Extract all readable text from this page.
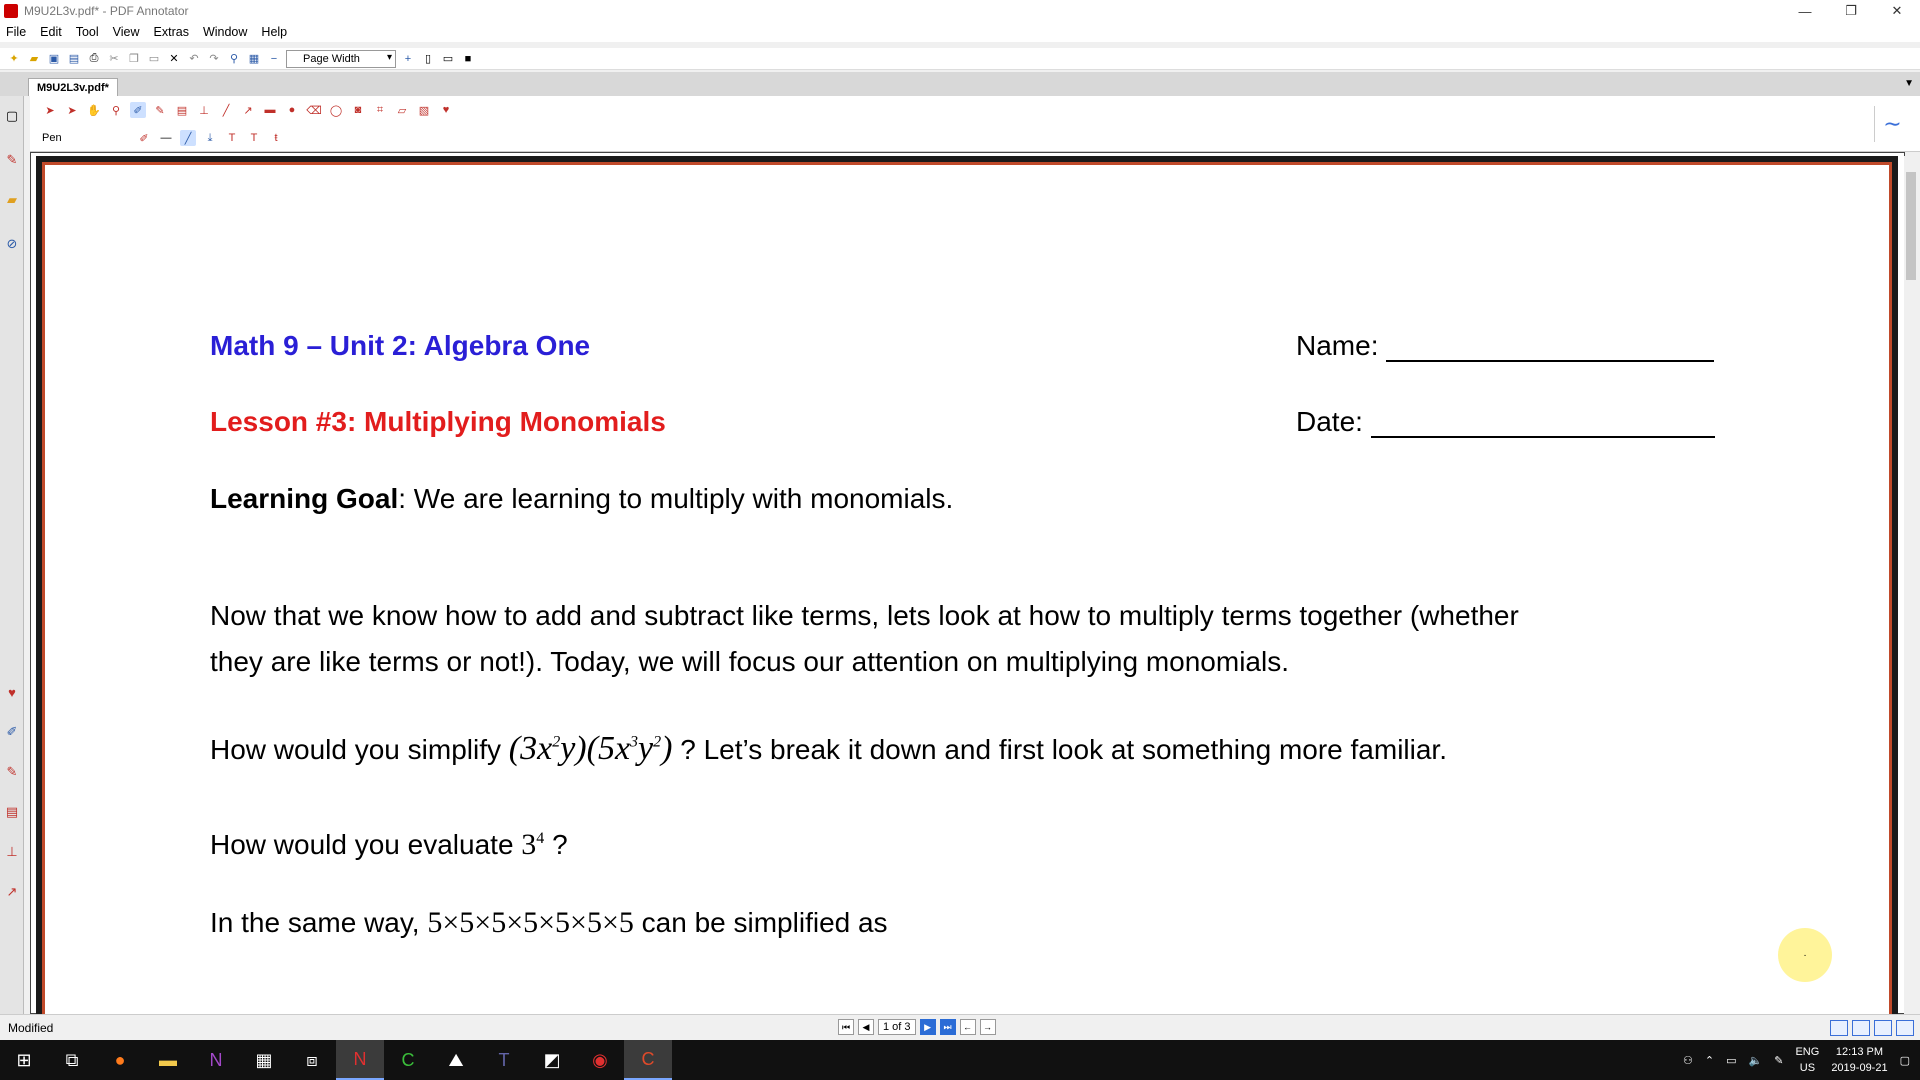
M9U2L3v.pdf* - PDF Annotator	—	❐	✕
File Edit Tool View Extras Window Help
✦	▰ ▣ ▤ ⎙ ✂ ❐ ▭ ✕ ↶ ↷	⚲ ▦	−	Page Width
▾	+	▯	▭	■
M9U2L3v.pdf*	▼
▢
✎
▰
⊘
♥
✐
✎
▤
⊥
↗
➤	➤ ✋	⚲	✐	✎	▤ ⊥	╱	↗	▬	● ⌫ ◯	◙	⌗	▱	▧	♥
Pen	✐	—	╱	⤓	T	T	ŧ
∼
Math 9 – Unit 2: Algebra One	Name:
Lesson #3: Multiplying Monomials	Date:
Learning Goal: We are learning to multiply with monomials.
Now that we know how to add and subtract like terms, lets look at how to multiply terms together (whether
they are like terms or not!). Today, we will focus our attention on multiplying monomials.
How would you simplify $(3x^2y)(5x^3y^2)$ ? Let’s break it down and first look at something more familiar.
How would you evaluate $3^4$ ?
In the same way, 5×5×5×5×5×5×5 can be simplified as
·
Modified	⏮	◀	1 of 3	▶	⏭	←	→
⊞	⧉	●	▬	N	▦	⧈	N	C	⛰	T	◩	◉	C	⚇ ⌃ ▭ 🔈 ✎
ENG
US
12:13 PM
2019-09-21
▢
